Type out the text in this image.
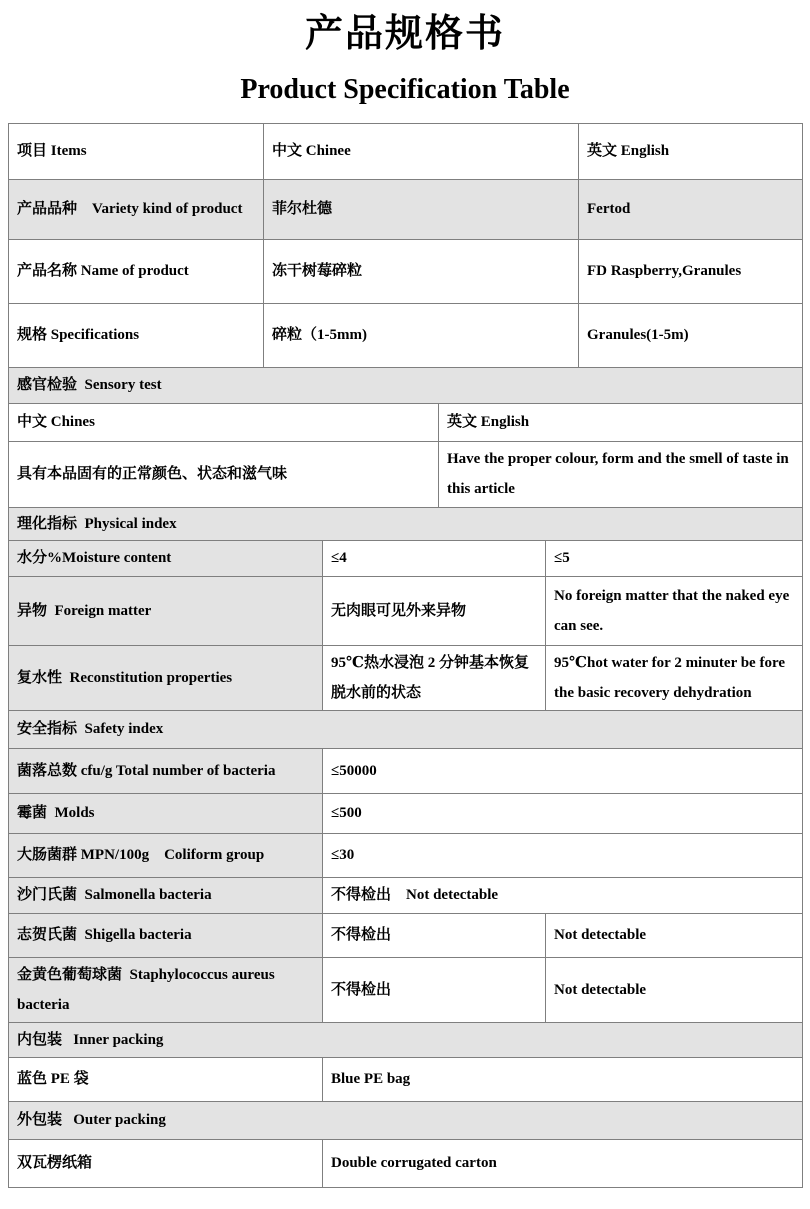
产品规格书
Product Specification Table
项目 Items	中文 Chinee	英文 English
产品品种　Variety kind of product	菲尔杜德	Fertod
产品名称 Name of product	冻干树莓碎粒	FD Raspberry,Granules
规格 Specifications	碎粒（1-5mm)	Granules(1-5m)
感官检验  Sensory test	
中文 Chines	英文 English
具有本品固有的正常颜色、状态和滋气味	Have the proper colour, form and the smell of taste in this article
理化指标  Physical index		
水分%Moisture content	≤4	≤5
异物  Foreign matter	无肉眼可见外来异物	No foreign matter that the naked eye can see.
复水性  Reconstitution properties	95℃热水浸泡 2 分钟基本恢复脱水前的状态	95℃hot water for 2 minuter be fore the basic recovery dehydration
安全指标  Safety index		
菌落总数 cfu/g Total number of bacteria	≤50000	
霉菌  Molds	≤500	
大肠菌群 MPN/100g    Coliform group	≤30	
沙门氏菌  Salmonella bacteria	不得检出    Not detectable	
志贺氏菌  Shigella bacteria	不得检出	Not detectable
金黄色葡萄球菌  Staphylococcus aureus bacteria	不得检出	Not detectable
内包装   Inner packing	
蓝色 PE 袋	Blue PE bag
外包装   Outer packing	
双瓦楞纸箱	Double corrugated carton
